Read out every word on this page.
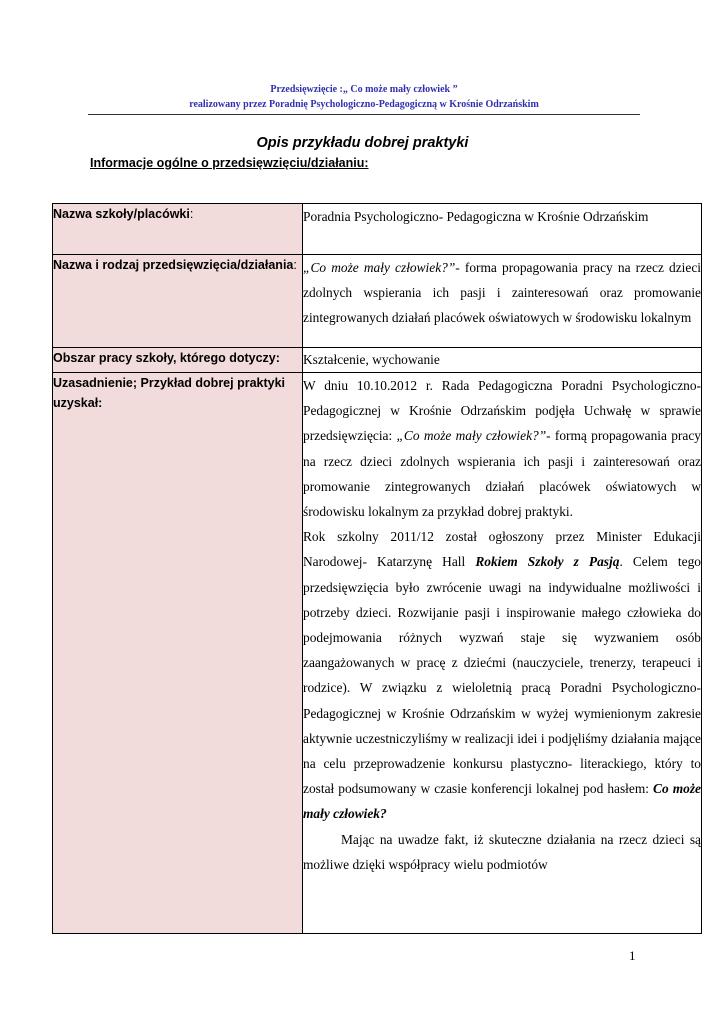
Przedsięwzięcie :„ Co może mały człowiek ”
realizowany przez Poradnię Psychologiczno-Pedagogiczną w Krośnie Odrzańskim
Opis przykładu dobrej praktyki
Informacje ogólne o przedsięwzięciu/działaniu:
Nazwa szkoły/placówki:	Poradnia Psychologiczno- Pedagogiczna w Krośnie Odrzańskim
Nazwa i rodzaj przedsięwzięcia/działania:	„Co może mały człowiek?”- forma propagowania pracy na rzecz dzieci zdolnych wspierania ich pasji i zainteresowań oraz promowanie zintegrowanych działań placówek oświatowych w środowisku lokalnym
Obszar pracy szkoły, którego dotyczy:	Kształcenie, wychowanie
Uzasadnienie; Przykład dobrej praktyki uzyskał:	W dniu 10.10.2012 r. Rada Pedagogiczna Poradni Psychologiczno- Pedagogicznej w Krośnie Odrzańskim podjęła Uchwałę w sprawie przedsięwzięcia: „Co może mały człowiek?”- formą propagowania pracy na rzecz dzieci zdolnych wspierania ich pasji i zainteresowań oraz promowanie zintegrowanych działań placówek oświatowych w środowisku lokalnym za przykład dobrej praktyki.
Rok szkolny 2011/12 został ogłoszony przez Minister Edukacji Narodowej- Katarzynę Hall Rokiem Szkoły z Pasją. Celem tego przedsięwzięcia było zwrócenie uwagi na indywidualne możliwości i potrzeby dzieci. Rozwijanie pasji i inspirowanie małego człowieka do podejmowania różnych wyzwań staje się wyzwaniem osób zaangażowanych w pracę z dziećmi (nauczyciele, trenerzy, terapeuci i rodzice). W związku z wieloletnią pracą Poradni Psychologiczno- Pedagogicznej w Krośnie Odrzańskim w wyżej wymienionym zakresie aktywnie uczestniczyliśmy w realizacji idei i podjęliśmy działania mające na celu przeprowadzenie konkursu plastyczno- literackiego, który to został podsumowany w czasie konferencji lokalnej pod hasłem: Co może mały człowiek?
Mając na uwadze fakt, iż skuteczne działania na rzecz dzieci są możliwe dzięki współpracy wielu podmiotów
1
